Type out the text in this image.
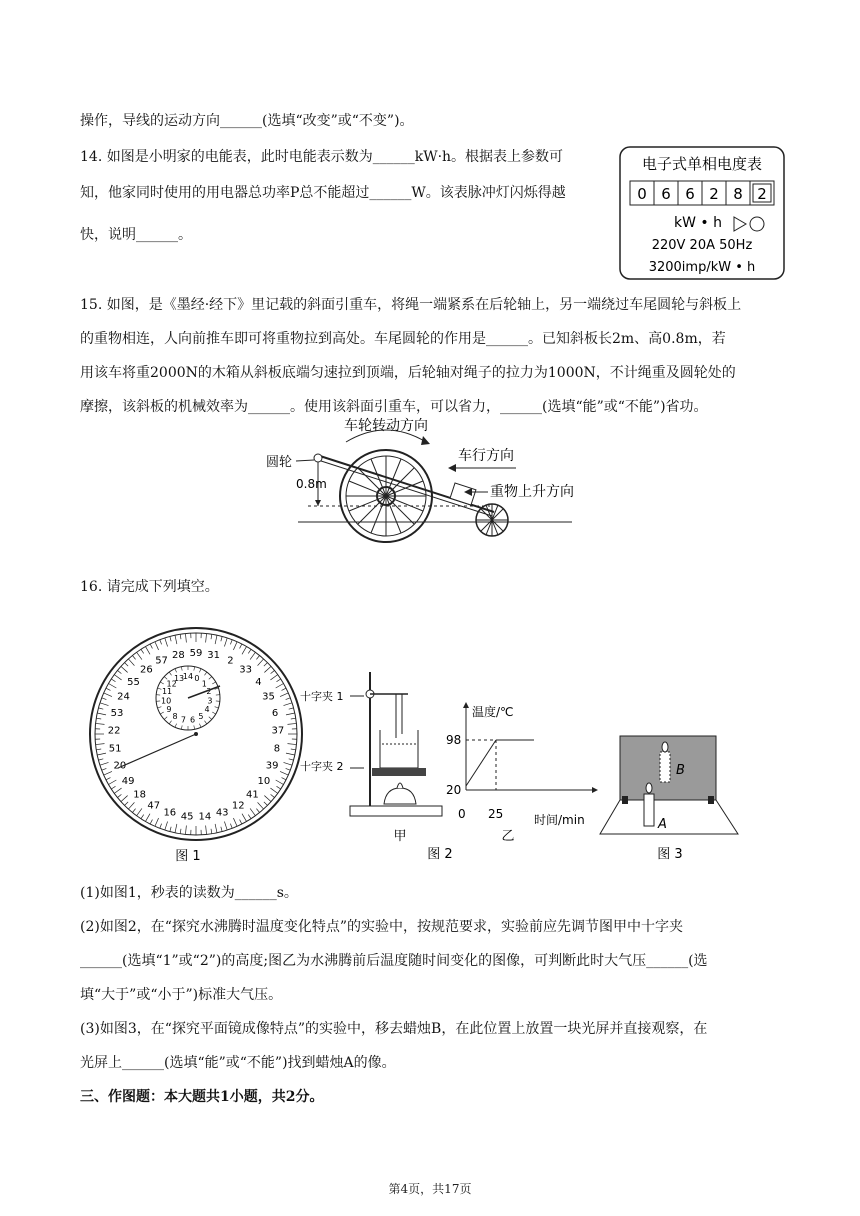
操作，导线的运动方向______(选填“改变”或“不变”)。
14. 如图是小明家的电能表，此时电能表示数为______kW·h。根据表上参数可
知，他家同时使用的用电器总功率P总不能超过______W。该表脉冲灯闪烁得越
快，说明______。
电子式单相电度表
0 6 6 2 8 2
kW • h
220V 20A 50Hz
3200imp/kW • h
15. 如图，是《墨经·经下》里记载的斜面引重车，将绳一端紧系在后轮轴上，另一端绕过车尾圆轮与斜板上
的重物相连，人向前推车即可将重物拉到高处。车尾圆轮的作用是______。已知斜板长2m、高0.8m，若
用该车将重2000N的木箱从斜板底端匀速拉到顶端，后轮轴对绳子的拉力为1000N，不计绳重及圆轮处的
摩擦，该斜板的机械效率为______。使用该斜面引重车，可以省力，______(选填“能”或“不能”)省功。
0.8m
圆轮
车轮转动方向
车行方向
重物上升方向
16. 请完成下列填空。
59 31
2
33
4
35
6
37
8
39
10
41
12
43
14
45
16
47
18
49
20
51
22
53
24
55
26
57
28
14 0
1
2
3
4
5
6
7
8
9
10
11
12
13
图 1
十字夹 1
十字夹 2
甲
温度/℃
0 25	时间/min
98
20
乙
图 2
B
A
图 3
(1)如图1，秒表的读数为______s。
(2)如图2，在“探究水沸腾时温度变化特点”的实验中，按规范要求，实验前应先调节图甲中十字夹
______(选填“1”或“2”)的高度;图乙为水沸腾前后温度随时间变化的图像，可判断此时大气压______(选
填“大于”或“小于”)标准大气压。
(3)如图3，在“探究平面镜成像特点”的实验中，移去蜡烛B，在此位置上放置一块光屏并直接观察，在
光屏上______(选填“能”或“不能”)找到蜡烛A的像。
三、作图题：本大题共1小题，共2分。
第4页，共17页
